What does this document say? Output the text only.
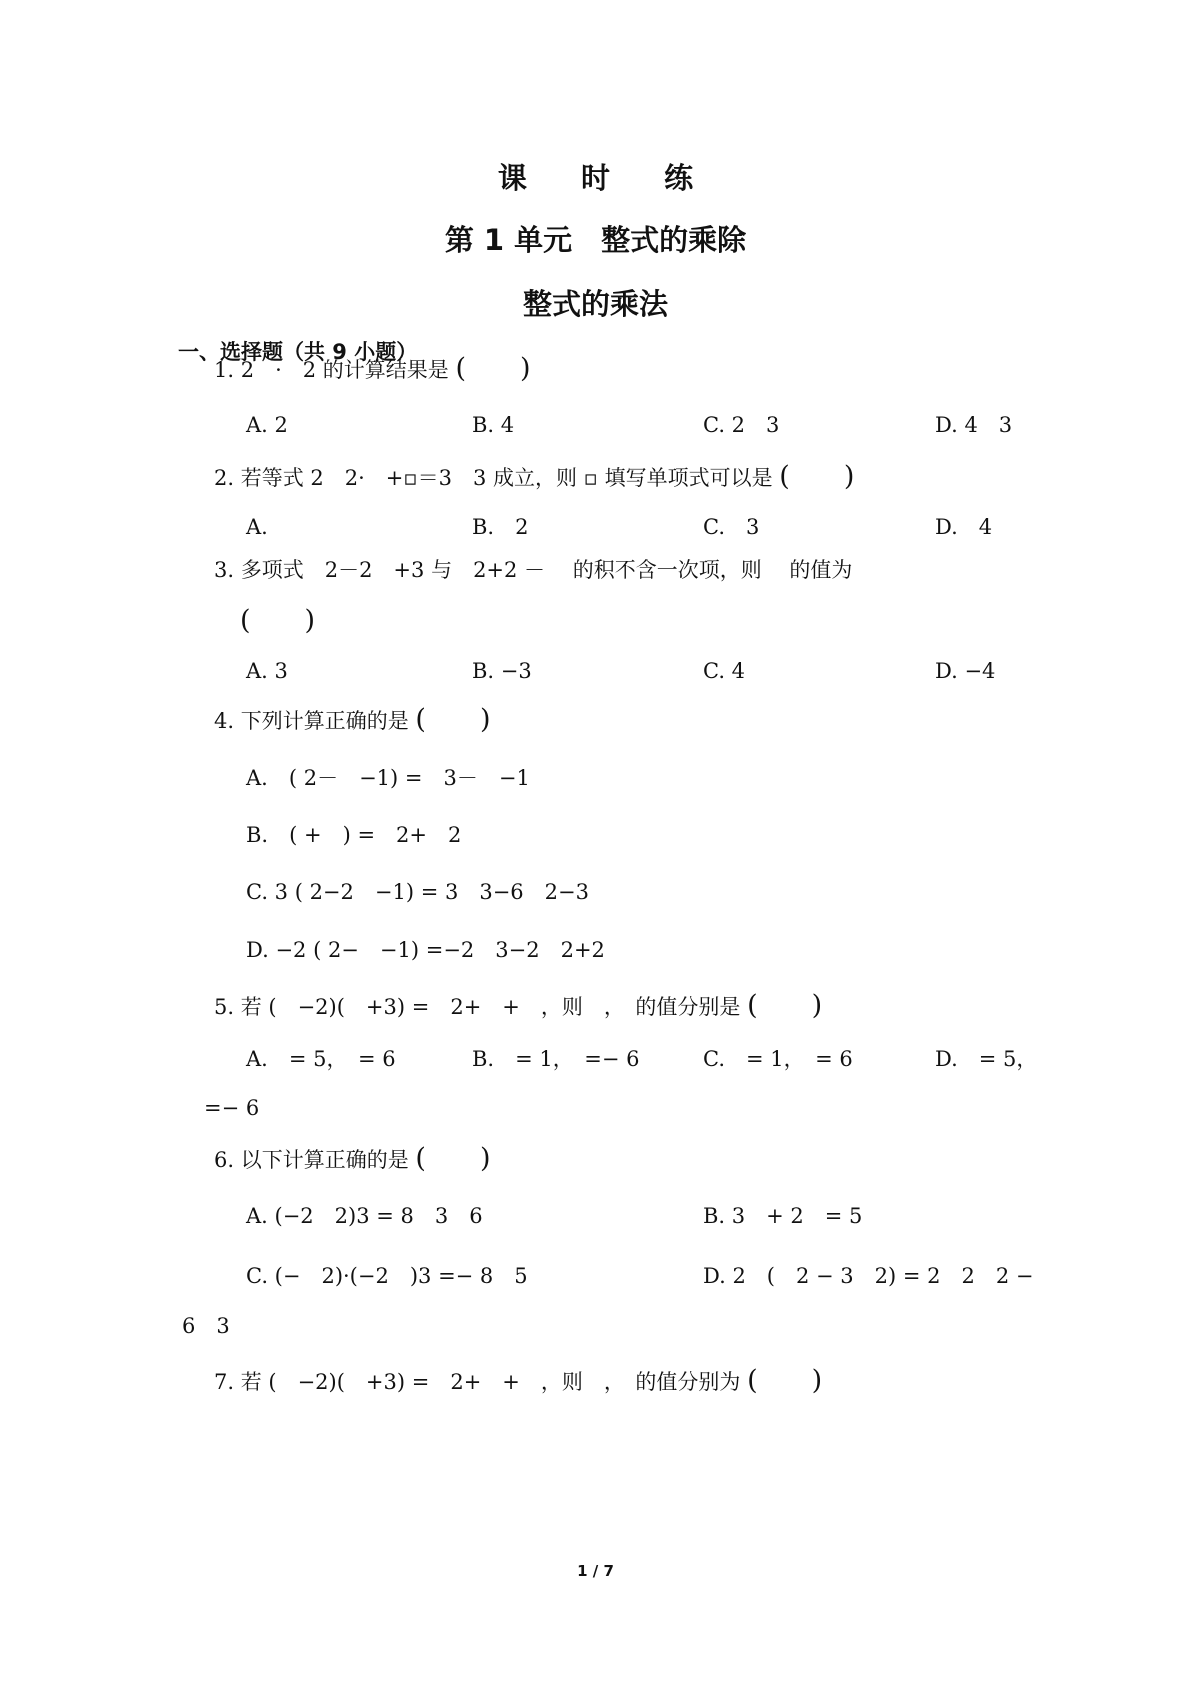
课 时 练
第 1 单元　整式的乘除
整式的乘法
一、选择题（共 9 小题）
1. 2　·　2 的计算结果是 (　　)
A. 2	B. 4	C. 2　3	D. 4　3
2. 若等式 2　2·　+▫＝3　3 成立，则 ▫ 填写单项式可以是 (　　)
A.	B.　2	C.　3	D.　4
3. 多项式　2－2　+3 与　2+2 －　 的积不含一次项，则　 的值为
(　　)
A. 3	B. −3	C. 4	D. −4
4. 下列计算正确的是 (　　)
A.　( 2－　−1) =　3－　−1
B.　( +　) =　2+　2
C. 3 ( 2−2　−1) = 3　3−6　2−3
D. −2 ( 2−　−1) =−2　3−2　2+2
5. 若 (　−2)(　+3) =　2+　+　，则　，　的值分别是 (　　)
A.　= 5，　= 6	B.　= 1，　=− 6	C.　= 1，　= 6	D.　= 5，
=− 6
6. 以下计算正确的是 (　　)
A. (−2　2)3 = 8　3　6	B. 3　+ 2　= 5
C. (−　2)·(−2　)3 =− 8　5	D. 2　(　2 − 3　2) = 2　2　2 −
6　3
7. 若 (　−2)(　+3) =　2+　+　，则　，　的值分别为 (　　)
1 / 7
